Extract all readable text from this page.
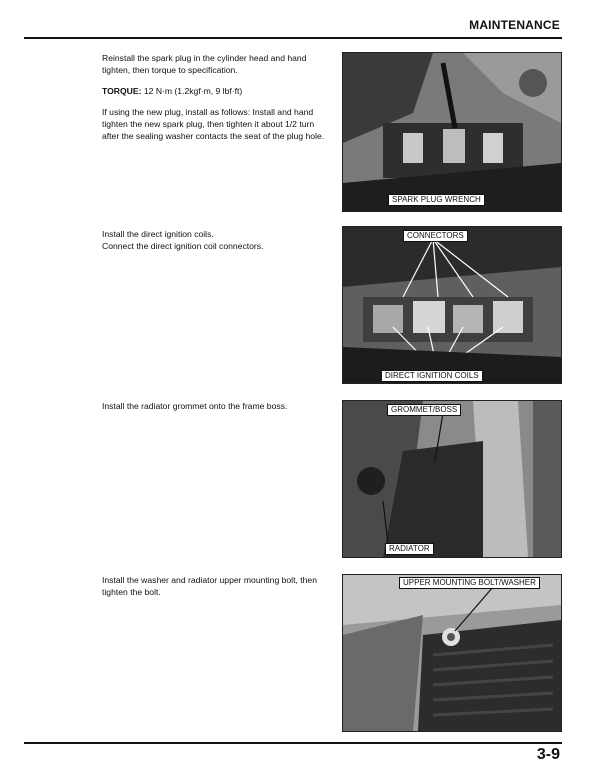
MAINTENANCE

Reinstall the spark plug in the cylinder head and hand tighten, then torque to specification.

TORQUE: 12 N·m (1.2kgf·m, 9 lbf·ft)

If using the new plug, install as follows: Install and hand tighten the new spark plug, then tighten it about 1/2 turn after the sealing washer contacts the seat of the plug hole.

SPARK PLUG WRENCH

Install the direct ignition coils.

Connect the direct ignition coil connectors.

CONNECTORS
DIRECT IGNITION COILS

Install the radiator grommet onto the frame boss.	GROMMET/BOSS
RADIATOR

Install the washer and radiator upper mounting bolt, then tighten the bolt.

UPPER MOUNTING BOLT/WASHER
3-9
